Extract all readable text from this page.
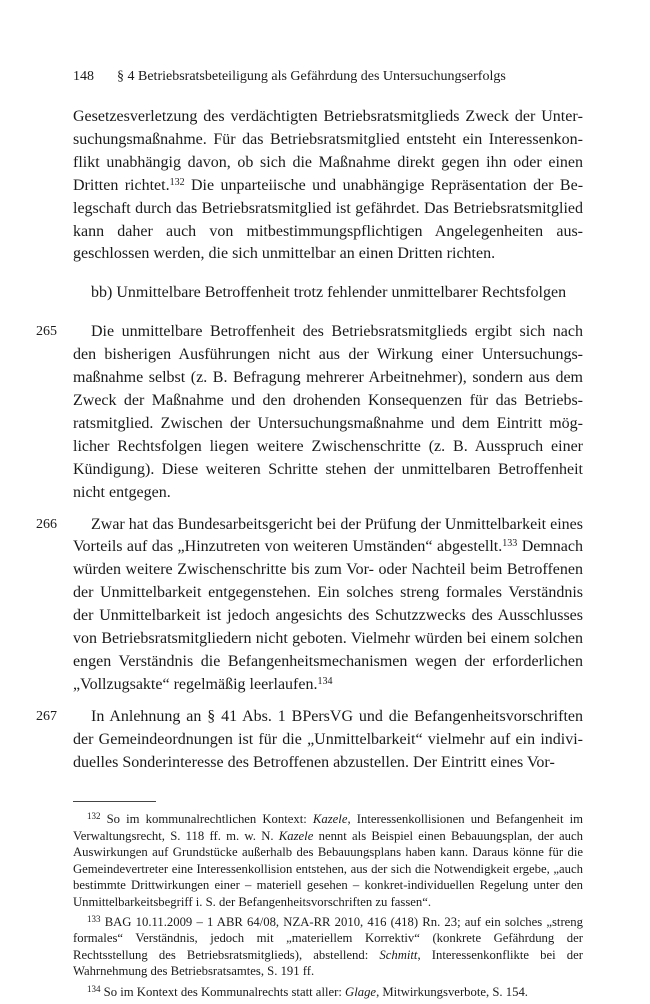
148 § 4 Betriebsratsbeteiligung als Gefährdung des Untersuchungserfolgs

Gesetzesverletzung des verdächtigten Betriebsratsmitglieds Zweck der Untersuchungsmaßnahme. Für das Betriebsratsmitglied entsteht ein Interessenkonflikt unabhängig davon, ob sich die Maßnahme direkt gegen ihn oder einen Dritten richtet.$^{132}$ Die unparteiische und unabhängige Repräsentation der Belegschaft durch das Betriebsratsmitglied ist gefährdet. Das Betriebsratsmitglied kann daher auch von mitbestimmungspflichtigen Angelegenheiten ausgeschlossen werden, die sich unmittelbar an einen Dritten richten.

bb) Unmittelbare Betroffenheit trotz fehlender unmittelbarer Rechtsfolgen
265	Die unmittelbare Betroffenheit des Betriebsratsmitglieds ergibt sich nach den bisherigen Ausführungen nicht aus der Wirkung einer Untersuchungsmaßnahme selbst (z. B. Befragung mehrerer Arbeitnehmer), sondern aus dem Zweck der Maßnahme und den drohenden Konsequenzen für das Betriebsratsmitglied. Zwischen der Untersuchungsmaßnahme und dem Eintritt möglicher Rechtsfolgen liegen weitere Zwischenschritte (z. B. Ausspruch einer Kündigung). Diese weiteren Schritte stehen der unmittelbaren Betroffenheit nicht entgegen.

266	Zwar hat das Bundesarbeitsgericht bei der Prüfung der Unmittelbarkeit eines Vorteils auf das „Hinzutreten von weiteren Umständen“ abgestellt.$^{133}$ Demnach würden weitere Zwischenschritte bis zum Vor- oder Nachteil beim Betroffenen der Unmittelbarkeit entgegenstehen. Ein solches streng formales Verständnis der Unmittelbarkeit ist jedoch angesichts des Schutzzwecks des Ausschlusses von Betriebsratsmitgliedern nicht geboten. Vielmehr würden bei einem solchen engen Verständnis die Befangenheitsmechanismen wegen der erforderlichen „Vollzugsakte“ regelmäßig leerlaufen.$^{134}$

267	In Anlehnung an § 41 Abs. 1 BPersVG und die Befangenheitsvorschriften der Gemeindeordnungen ist für die „Unmittelbarkeit“ vielmehr auf ein individuelles Sonderinteresse des Betroffenen abzustellen. Der Eintritt eines Vor-

$^{132}$ So im kommunalrechtlichen Kontext: Kazele, Interessenkollisionen und Befangenheit im Verwaltungsrecht, S. 118 ff. m. w. N. Kazele nennt als Beispiel einen Bebauungsplan, der auch Auswirkungen auf Grundstücke außerhalb des Bebauungsplans haben kann. Daraus könne für die Gemeindevertreter eine Interessenkollision entstehen, aus der sich die Notwendigkeit ergebe, „auch bestimmte Drittwirkungen einer – materiell gesehen – konkret-individuellen Regelung unter den Unmittelbarkeitsbegriff i. S. der Befangenheitsvorschriften zu fassen“.

$^{133}$ BAG 10.11.2009 – 1 ABR 64/08, NZA-RR 2010, 416 (418) Rn. 23; auf ein solches „streng formales“ Verständnis, jedoch mit „materiellem Korrektiv“ (konkrete Gefährdung der Rechtsstellung des Betriebsratsmitglieds), abstellend: Schmitt, Interessenkonflikte bei der Wahrnehmung des Betriebsratsamtes, S. 191 ff.

$^{134}$ So im Kontext des Kommunalrechts statt aller: Glage, Mitwirkungsverbote, S. 154.
